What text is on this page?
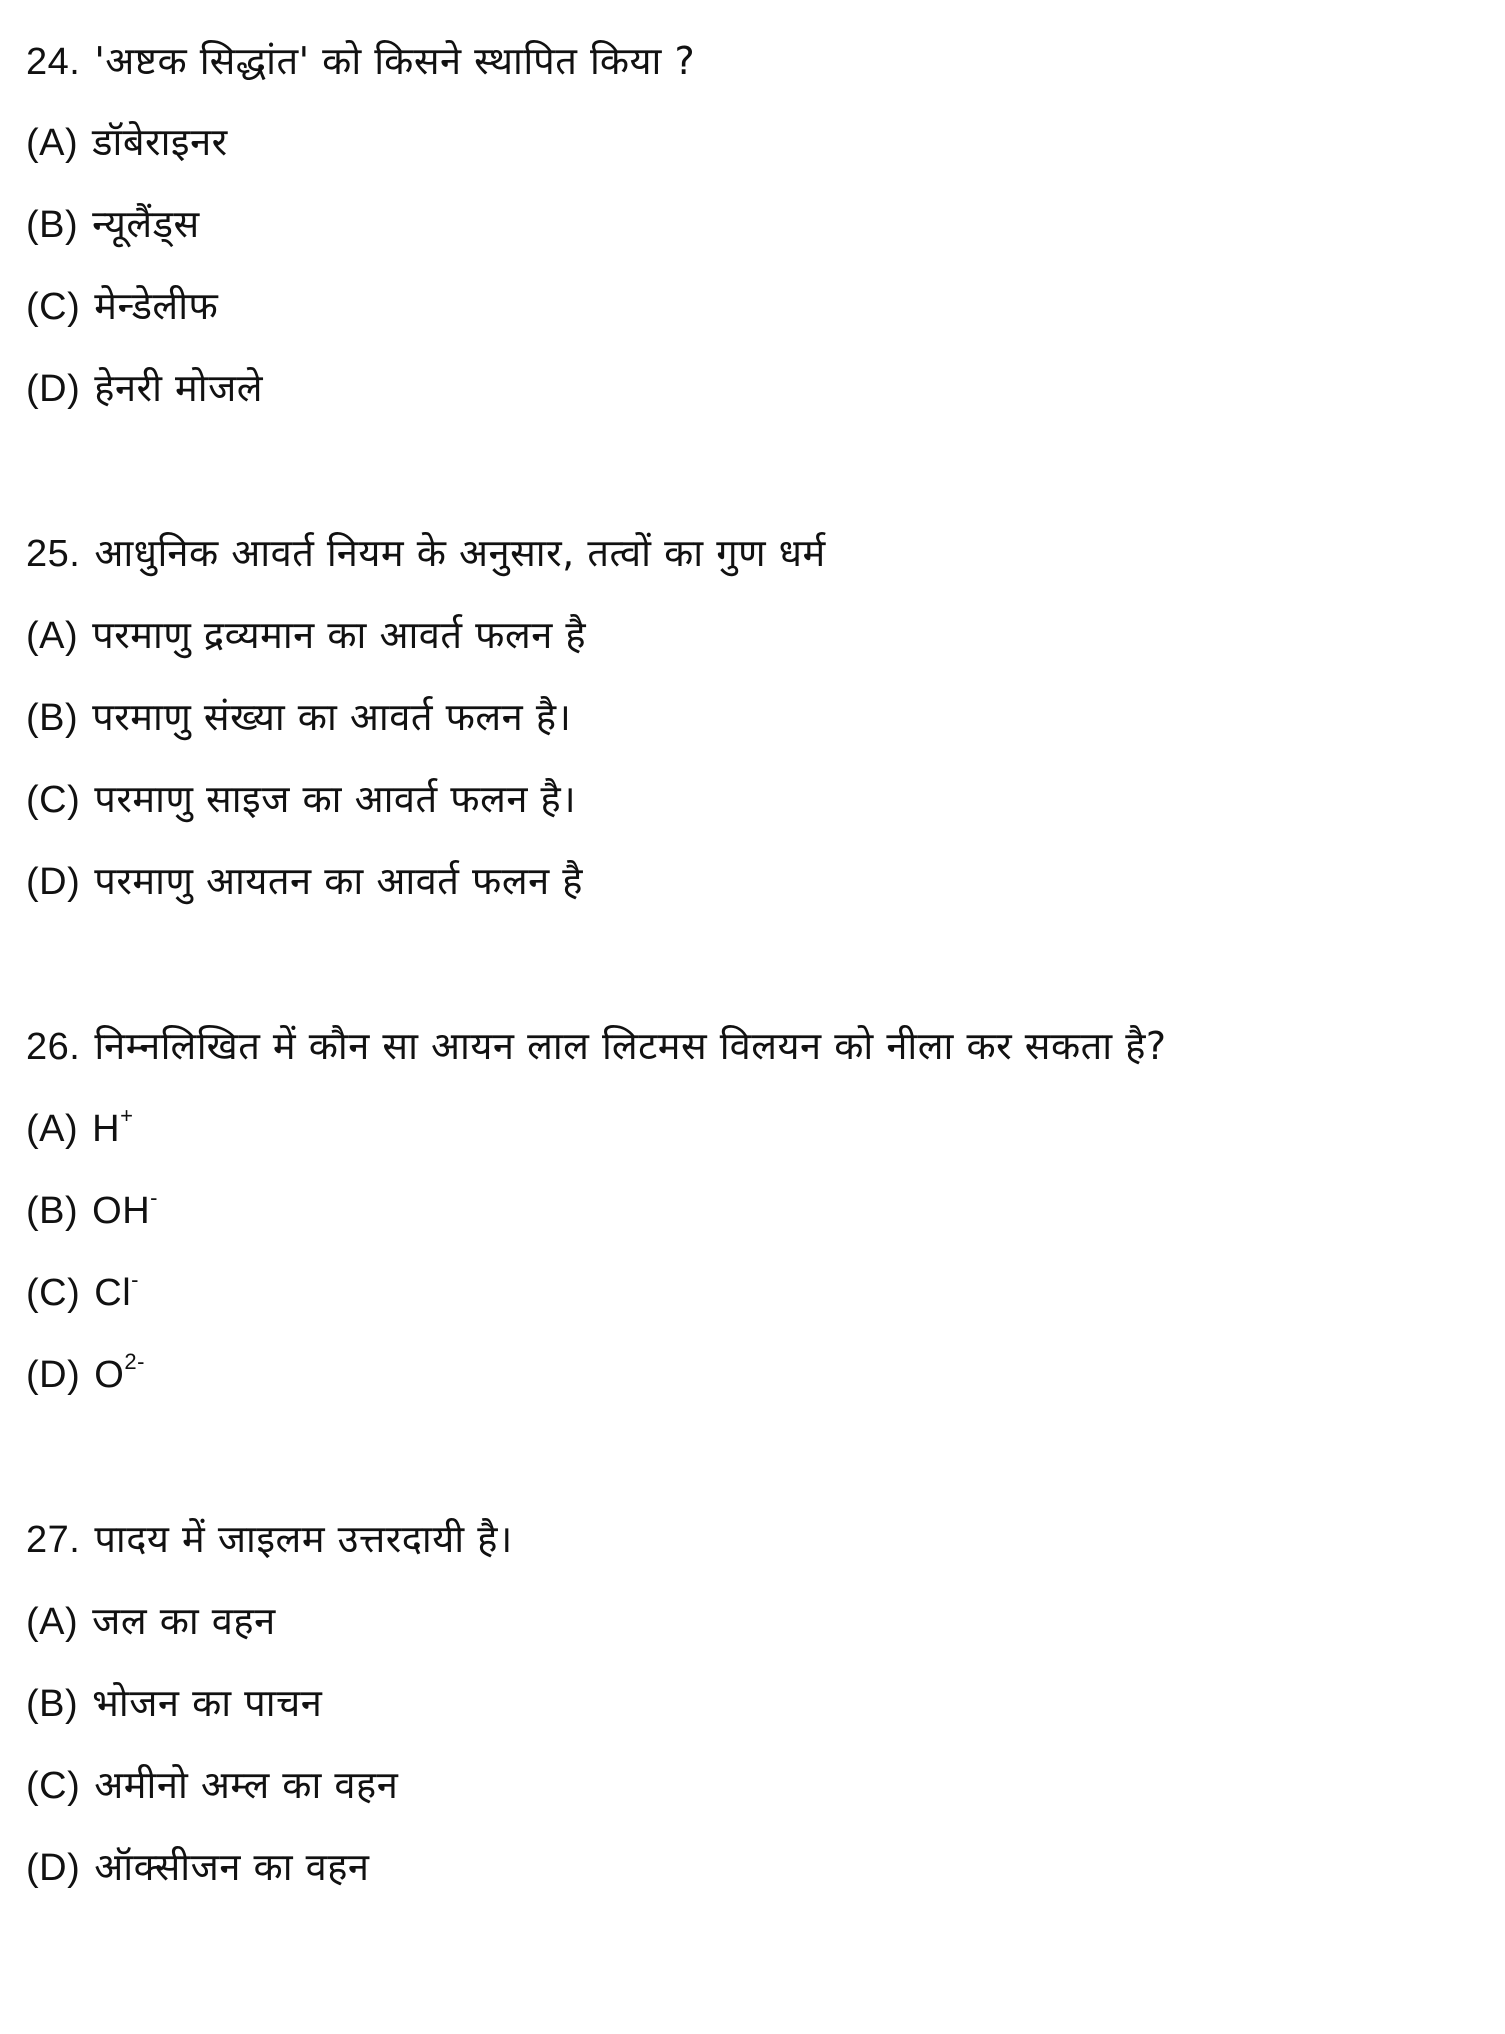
24. 'अष्टक सिद्धांत' को किसने स्थापित किया ?
(A) डॉबेराइनर
(B) न्यूलैंड्स
(C) मेन्डेलीफ
(D) हेनरी मोजले
25. आधुनिक आवर्त नियम के अनुसार, तत्वों का गुण धर्म
(A) परमाणु द्रव्यमान का आवर्त फलन है
(B) परमाणु संख्या का आवर्त फलन है।
(C) परमाणु साइज का आवर्त फलन है।
(D) परमाणु आयतन का आवर्त फलन है
26. निम्नलिखित में कौन सा आयन लाल लिटमस विलयन को नीला कर सकता है?
(A) H+
(B) OH-
(C) Cl-
(D) $O^{2-}$
27. पादय में जाइलम उत्तरदायी है।
(A) जल का वहन
(B) भोजन का पाचन
(C) अमीनो अम्ल का वहन
(D) ऑक्सीजन का वहन
